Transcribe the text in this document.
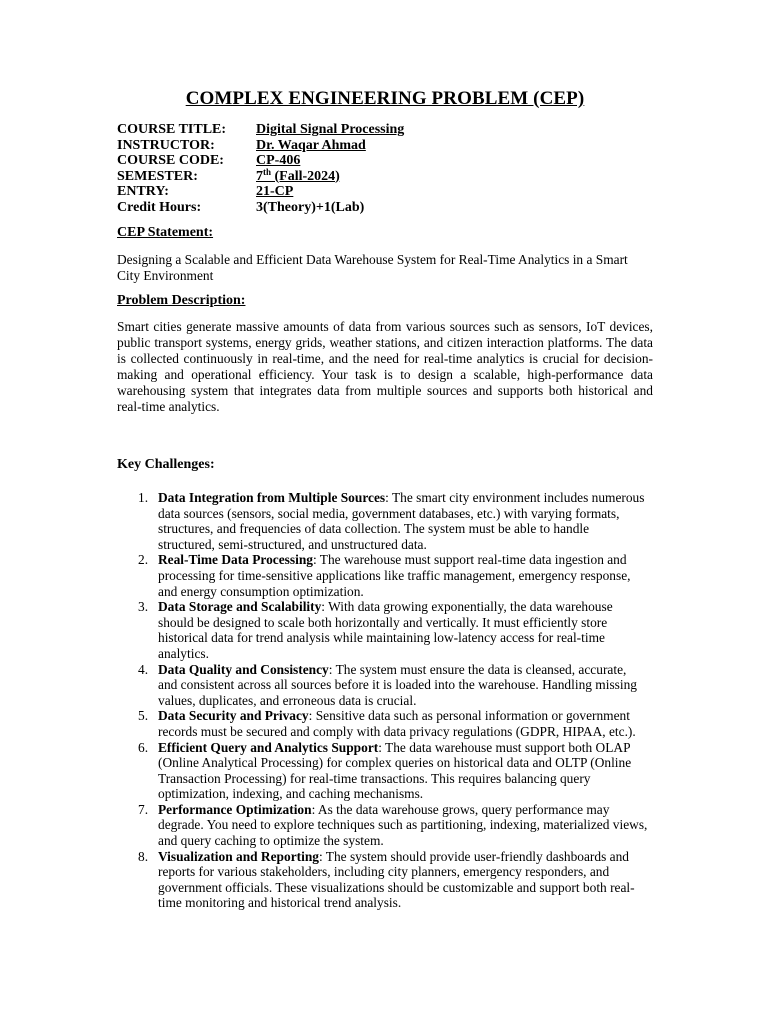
COMPLEX ENGINEERING PROBLEM (CEP)
COURSE TITLE:	Digital Signal Processing
INSTRUCTOR:	Dr. Waqar Ahmad
COURSE CODE:	CP-406
SEMESTER:	7th (Fall-2024)
ENTRY:	21-CP
Credit Hours:	3(Theory)+1(Lab)
CEP Statement:

Designing a Scalable and Efficient Data Warehouse System for Real-Time Analytics in a Smart City Environment

Problem Description:

Smart cities generate massive amounts of data from various sources such as sensors, IoT devices, public transport systems, energy grids, weather stations, and citizen interaction platforms. The data is collected continuously in real-time, and the need for real-time analytics is crucial for decision-making and operational efficiency. Your task is to design a scalable, high-performance data warehousing system that integrates data from multiple sources and supports both historical and real-time analytics.

Key Challenges:
1. Data Integration from Multiple Sources: The smart city environment includes numerous data sources (sensors, social media, government databases, etc.) with varying formats, structures, and frequencies of data collection. The system must be able to handle structured, semi-structured, and unstructured data.
2. Real-Time Data Processing: The warehouse must support real-time data ingestion and processing for time-sensitive applications like traffic management, emergency response, and energy consumption optimization.
3. Data Storage and Scalability: With data growing exponentially, the data warehouse should be designed to scale both horizontally and vertically. It must efficiently store historical data for trend analysis while maintaining low-latency access for real-time analytics.
4. Data Quality and Consistency: The system must ensure the data is cleansed, accurate, and consistent across all sources before it is loaded into the warehouse. Handling missing values, duplicates, and erroneous data is crucial.
5. Data Security and Privacy: Sensitive data such as personal information or government records must be secured and comply with data privacy regulations (GDPR, HIPAA, etc.).
6. Efficient Query and Analytics Support: The data warehouse must support both OLAP (Online Analytical Processing) for complex queries on historical data and OLTP (Online Transaction Processing) for real-time transactions. This requires balancing query optimization, indexing, and caching mechanisms.
7. Performance Optimization: As the data warehouse grows, query performance may degrade. You need to explore techniques such as partitioning, indexing, materialized views, and query caching to optimize the system.
8. Visualization and Reporting: The system should provide user-friendly dashboards and reports for various stakeholders, including city planners, emergency responders, and government officials. These visualizations should be customizable and support both real-time monitoring and historical trend analysis.
